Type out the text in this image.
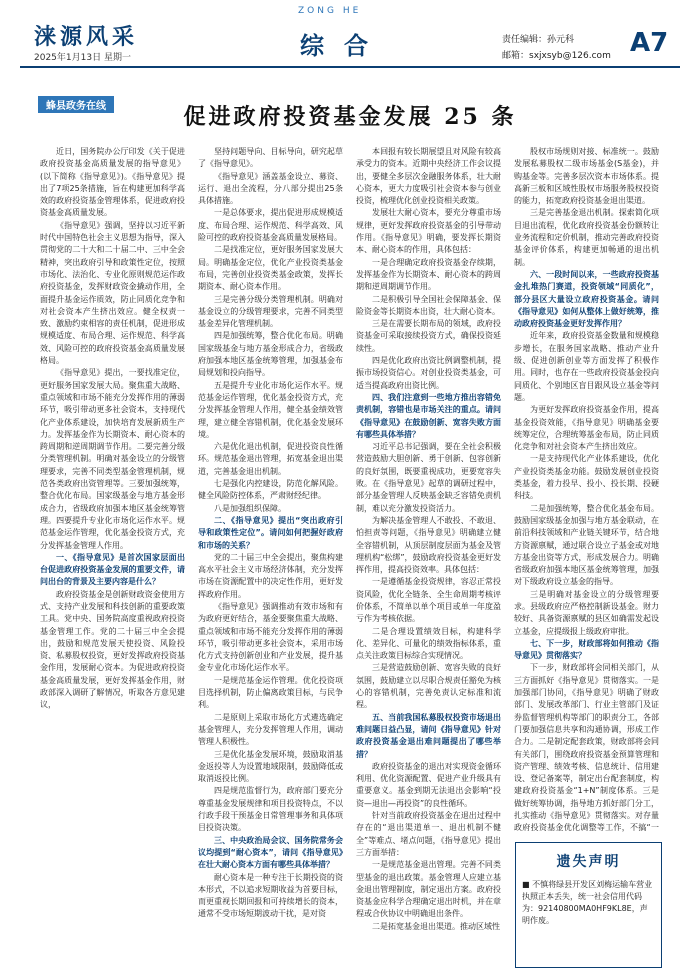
涞源风采
2025年1月13日 星期一
ZONG HE
综合	责任编辑：孙元科
邮箱：sxjxsyb@126.com A7
蜂县政务在线	促进政府投资基金发展 25 条

近日，国务院办公厅印发《关于促进政府投资基金高质量发展的指导意见》(以下简称《指导意见》)。《指导意见》提出了7项25条措施，旨在构建更加科学高效的政府投资基金管理体系，促进政府投资基金高质量发展。

《指导意见》强调，坚持以习近平新时代中国特色社会主义思想为指导，深入贯彻党的二十大和二十届二中、三中全会精神，突出政府引导和政策性定位，按照市场化、法治化、专业化原则规范运作政府投资基金，发挥财政资金撬动作用，全面提升基金运作质效，防止同质化竞争和对社会资本产生挤出效应。健全权责一致、激励约束相容的责任机制，促进形成规模适度、布局合理、运作规范、科学高效、风险可控的政府投资基金高质量发展格局。

《指导意见》提出，一要找准定位，更好服务国家发展大局。聚焦重大战略、重点领域和市场不能充分发挥作用的薄弱环节，吸引带动更多社会资本，支持现代化产业体系建设，加快培育发展新质生产力。发挥基金作为长期资本、耐心资本的跨周期和逆周期调节作用。二要完善分级分类管理机制。明确对基金设立的分级管理要求，完善不同类型基金管理机制，规范各类政府出资管理等。三要加强统筹，整合优化布局。国家级基金与地方基金形成合力，省级政府加强本地区基金统筹管理。四要提升专业化市场化运作水平。规范基金运作管理，优化基金投资方式，充分发挥基金管理人作用。

一、《指导意见》是首次国家层面出台促进政府投资基金发展的重要文件，请问出台的背景及主要内容是什么？

政府投资基金是创新财政资金使用方式、支持产业发展和科技创新的重要政策工具。党中央、国务院高度重视政府投资基金管理工作。党的二十届三中全会提出，鼓励和规范发展天使投资、风险投资、私募股权投资，更好发挥政府投资基金作用，发展耐心资本。为促进政府投资基金高质量发展，更好发挥基金作用，财政部深入调研了解情况，听取各方意见建议，

坚持问题导向、目标导向，研究起草了《指导意见》。

《指导意见》涵盖基金设立、募资、运行、退出全流程，分八部分提出25条具体措施。

一是总体要求，提出促进形成规模适度、布局合理、运作规范、科学高效、风险可控的政府投资基金高质量发展格局。

二是找准定位，更好服务国家发展大局。明确基金定位，优化产业投资类基金布局，完善创业投资类基金政策，发挥长期资本、耐心资本作用。

三是完善分级分类管理机制。明确对基金设立的分级管理要求，完善不同类型基金差异化管理机制。

四是加强统筹，整合优化布局。明确国家级基金与地方基金形成合力，省级政府加强本地区基金统筹管理，加强基金布局规划和投向指导。

五是提升专业化市场化运作水平。规范基金运作管理，优化基金投资方式，充分发挥基金管理人作用，健全基金绩效管理，建立健全容错机制，优化基金发展环境。

六是优化退出机制，促进投资良性循环。规范基金退出管理，拓宽基金退出渠道，完善基金退出机制。

七是强化内控建设，防范化解风险。健全风险防控体系，严肃财经纪律。

八是加强组织保障。

二、《指导意见》提出“突出政府引导和政策性定位”。请问如何把握好政府和市场的关系？

党的二十届三中全会提出，聚焦构建高水平社会主义市场经济体制，充分发挥市场在资源配置中的决定性作用，更好发挥政府作用。

《指导意见》强调推动有效市场和有为政府更好结合，基金要聚焦重大战略、重点领域和市场不能充分发挥作用的薄弱环节，吸引带动更多社会资本，采用市场化方式支持创新创业和产业发展，提升基金专业化市场化运作水平。

一是规范基金运作管理。优化投资项目选择机制，防止偏离政策目标，与民争利。

二是原则上采取市场化方式遴选确定基金管理人，充分发挥管理人作用，调动管理人积极性。

三是优化基金发展环境，鼓励取消基金返投等人为设置地域限制，鼓励降低或取消返投比例。

四是规范监督行为，政府部门要充分尊重基金发展规律和项目投资特点，不以行政手段干预基金日常管理事务和具体项目投资决策。

三、中央政治局会议、国务院常务会议均提到“耐心资本”，请问《指导意见》在壮大耐心资本方面有哪些具体举措？

耐心资本是一种专注于长期投资的资本形式，不以追求短期收益为首要目标，而更重视长期回报和可持续增长的资本，通常不受市场短期波动干扰，是对资

本回报有较长期展望且对风险有较高承受力的资本。近期中央经济工作会议提出，要健全多层次金融服务体系，壮大耐心资本，更大力度吸引社会资本参与创业投资，梳理优化创业投资相关政策。

发展壮大耐心资本，要充分尊重市场规律，更好发挥政府投资基金的引导带动作用。《指导意见》明确，要发挥长期资本、耐心资本的作用，具体包括：

一是合理确定政府投资基金存续期，发挥基金作为长期资本、耐心资本的跨周期和逆周期调节作用。

二是积极引导全国社会保障基金、保险资金等长期资本出资，壮大耐心资本。

三是在需要长期布局的领域，政府投资基金可采取接续投资方式，确保投资延续性。

四是优化政府出资比例调整机制，提振市场投资信心。对创业投资类基金，可适当提高政府出资比例。

四、我们注意到一些地方推出容错免责机制，容错也是市场关注的重点。请问《指导意见》在鼓励创新、宽容失败方面有哪些具体举措？

习近平总书记强调，要在全社会积极营造鼓励大胆创新、勇于创新、包容创新的良好氛围，既要重视成功，更要宽容失败。在《指导意见》起草的调研过程中，部分基金管理人反映基金缺乏容错免责机制，难以充分激发投资活力。

为解决基金管理人不敢投、不敢退、怕担责等问题，《指导意见》明确建立健全容错机制，从顶层制度层面为基金及管理机构“松绑”，鼓励政府投资基金更好发挥作用，提高投资效率。具体包括：

一是遵循基金投资规律，容忍正常投资风险，优化全链条、全生命周期考核评价体系，不简单以单个项目或单一年度盈亏作为考核依据。

二是合理设置绩效目标，构建科学化、差异化、可量化的绩效指标体系，重点关注政策目标综合实现情况。

三是营造鼓励创新、宽容失败的良好氛围，鼓励建立以尽职合规责任豁免为核心的容错机制，完善免责认定标准和流程。

五、当前我国私募股权投资市场退出难问题日益凸显，请问《指导意见》针对政府投资基金退出难问题提出了哪些举措？

政府投资基金的退出对实现资金循环利用、优化资源配置、促进产业升级具有重要意义。基金到期无法退出会影响“投资—退出—再投资”的良性循环。

针对当前政府投资基金在退出过程中存在的“退出渠道单一、退出机制不健全”等难点、堵点问题，《指导意见》提出三方面举措：

一是规范基金退出管理。完善不同类型基金的退出政策。基金管理人应建立基金退出管理制度，制定退出方案。政府投资基金应科学合理确定退出时机，并在章程或合伙协议中明确退出条件。

二是拓宽基金退出渠道。推动区域性

股权市场规则对接、标准统一。鼓励发展私募股权二级市场基金(S基金)，并购基金等。完善多层次资本市场体系。提高新三板和区域性股权市场服务股权投资的能力，拓宽政府投资基金退出渠道。

三是完善基金退出机制。探索简化项目退出流程，优化政府投资基金份额转让业务流程和定价机制，推动完善政府投资基金评价体系，构建更加畅通的退出机制。

六、一段时间以来，一些政府投资基金扎堆热门赛道，投资领域“同质化”，部分县区大量设立政府投资基金。请问《指导意见》如何从整体上做好统筹，推动政府投资基金更好发挥作用？

近年来，政府投资基金数量和规模稳步增长，在服务国家战略、推动产业升级、促进创新创业等方面发挥了积极作用。同时，也存在一些政府投资基金投向同质化、个别地区盲目跟风设立基金等问题。

为更好发挥政府投资基金作用，提高基金投资效能，《指导意见》明确基金要统筹定位，合理统筹基金布局，防止同质化竞争和对社会资本产生挤出效应。

一是支持现代化产业体系建设，优化产业投资类基金功能。鼓励发展创业投资类基金，着力投早、投小、投长期、投硬科技。

二是加强统筹，整合优化基金布局。鼓励国家级基金加强与地方基金联动，在前沿科技领域和产业链关键环节，结合地方资源禀赋，通过联合设立子基金或对地方基金出资等方式，形成发展合力。明确省级政府加强本地区基金统筹管理，加强对下级政府设立基金的指导。

三是明确对基金设立的分级管理要求。县级政府应严格控制新设基金。财力较好、具备资源禀赋的县区如确需发起设立基金，应提级报上级政府审批。

七、下一步，财政部将如何推动《指导意见》贯彻落实？

下一步，财政部将会同相关部门，从三方面抓好《指导意见》贯彻落实。一是加强部门协同，《指导意见》明确了财政部门、发展改革部门、行业主管部门及证券监督管理机构等部门的职责分工，各部门要加强信息共享和沟通协调，形成工作合力。二是制定配套政策，财政部将会同有关部门，围绕政府投资基金预算管理和资产管理、绩效考核、信息统计、信用建设、登记备案等，制定出台配套制度，构建政府投资基金“1+N”制度体系。三是做好统筹协调，指导地方抓好部门分工，扎实推动《指导意见》贯彻落实。对存量政府投资基金优化调整等工作，不搞“一

遗失声明
■ 不慎将绿县开发区刘梅运输车营业执照正本丢失，统一社会信用代码为：92140800MA0HF9KL8E，声明作废。
